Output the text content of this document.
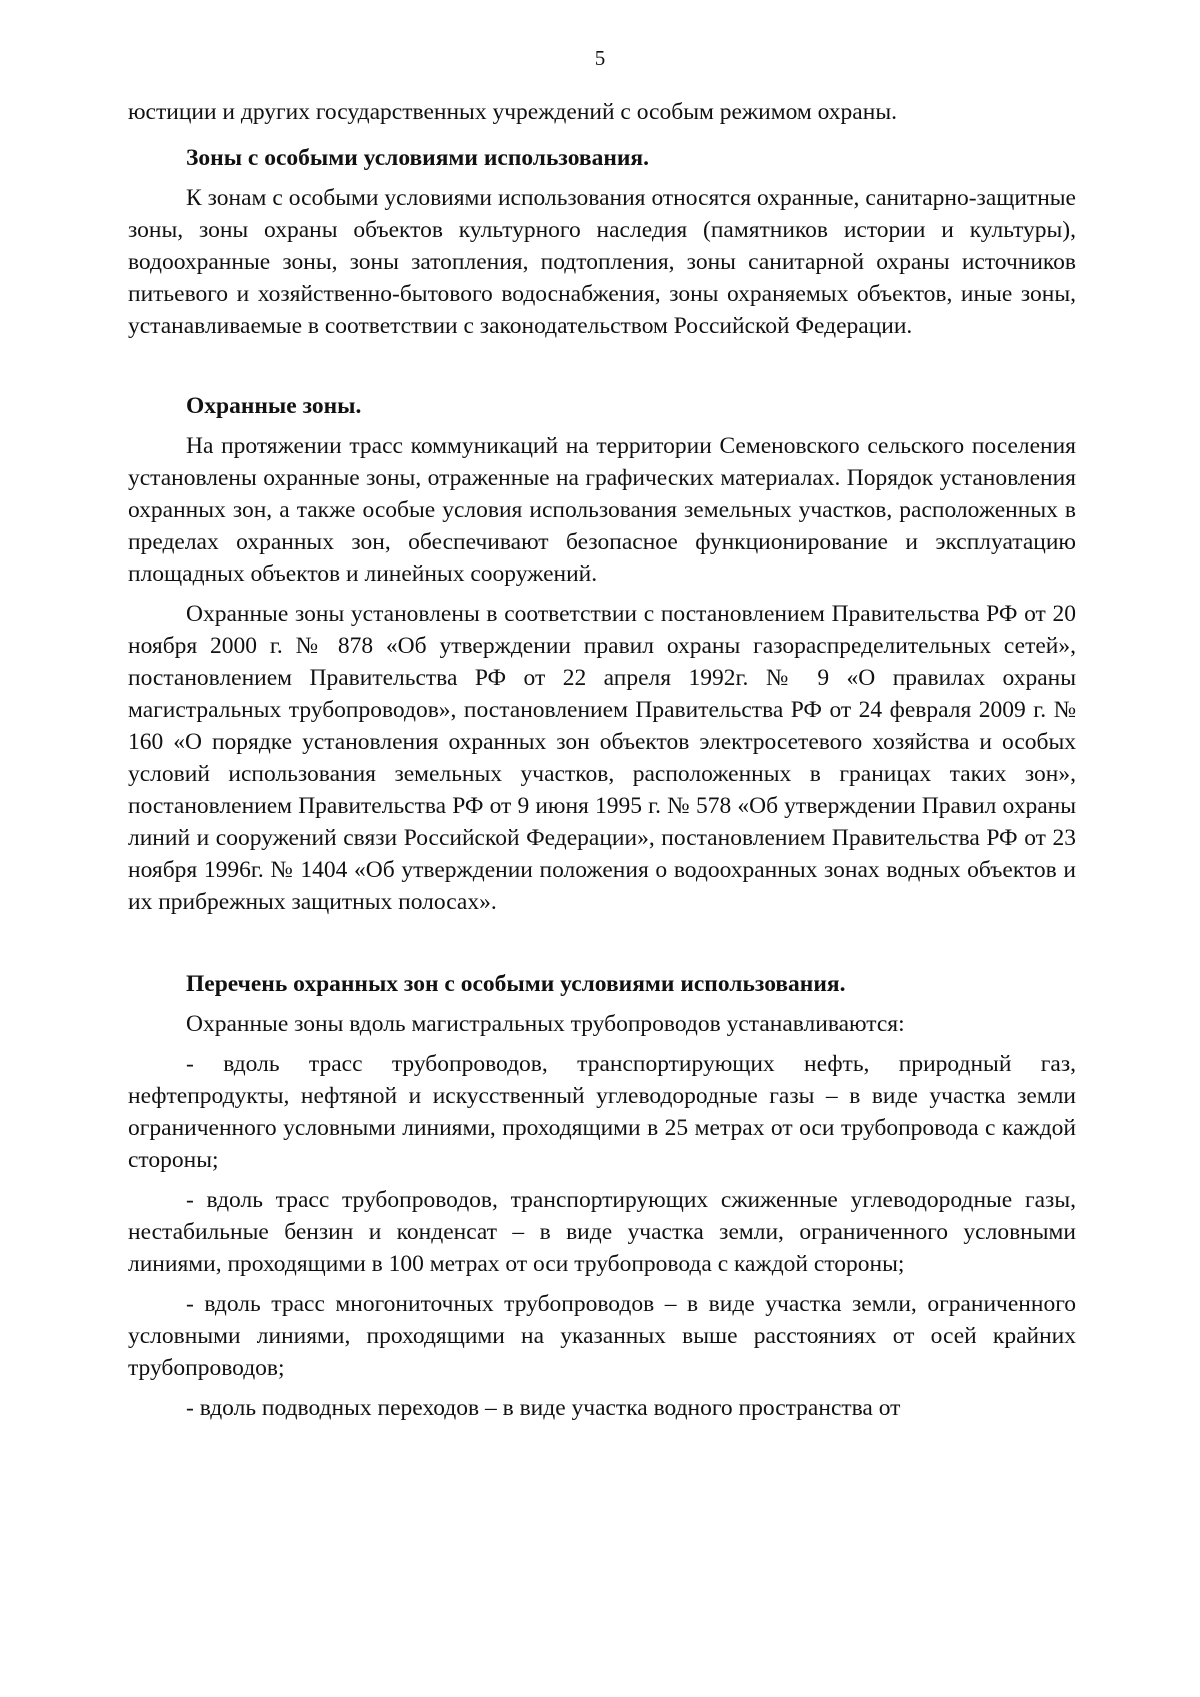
5

юстиции и других государственных учреждений с особым режимом охраны.

Зоны с особыми условиями использования.

К зонам с особыми условиями использования относятся охранные, санитарно-защитные зоны, зоны охраны объектов культурного наследия (памятников истории и культуры), водоохранные зоны, зоны затопления, подтопления, зоны санитарной охраны источников питьевого и хозяйственно-бытового водоснабжения, зоны охраняемых объектов, иные зоны, устанавливаемые в соответствии с законодательством Российской Федерации.

Охранные зоны.

На протяжении трасс коммуникаций на территории Семеновского сельского поселения установлены охранные зоны, отраженные на графических материалах. Порядок установления охранных зон, а также особые условия использования земельных участков, расположенных в пределах охранных зон, обеспечивают безопасное функционирование и эксплуатацию площадных объектов и линейных сооружений.

Охранные зоны установлены в соответствии с постановлением Правительства РФ от 20 ноября 2000 г. № 878 «Об утверждении правил охраны газораспределительных сетей», постановлением Правительства РФ от 22 апреля 1992г. № 9 «О правилах охраны магистральных трубопроводов», постановлением Правительства РФ от 24 февраля 2009 г. № 160 «О порядке установления охранных зон объектов электросетевого хозяйства и особых условий использования земельных участков, расположенных в границах таких зон», постановлением Правительства РФ от 9 июня 1995 г. № 578 «Об утверждении Правил охраны линий и сооружений связи Российской Федерации», постановлением Правительства РФ от 23 ноября 1996г. № 1404 «Об утверждении положения о водоохранных зонах водных объектов и их прибрежных защитных полосах».

Перечень охранных зон с особыми условиями использования.

Охранные зоны вдоль магистральных трубопроводов устанавливаются:

- вдоль трасс трубопроводов, транспортирующих нефть, природный газ, нефтепродукты, нефтяной и искусственный углеводородные газы – в виде участка земли ограниченного условными линиями, проходящими в 25 метрах от оси трубопровода с каждой стороны;

- вдоль трасс трубопроводов, транспортирующих сжиженные углеводородные газы, нестабильные бензин и конденсат – в виде участка земли, ограниченного условными линиями, проходящими в 100 метрах от оси трубопровода с каждой стороны;

- вдоль трасс многониточных трубопроводов – в виде участка земли, ограниченного условными линиями, проходящими на указанных выше расстояниях от осей крайних трубопроводов;

- вдоль подводных переходов – в виде участка водного пространства от
